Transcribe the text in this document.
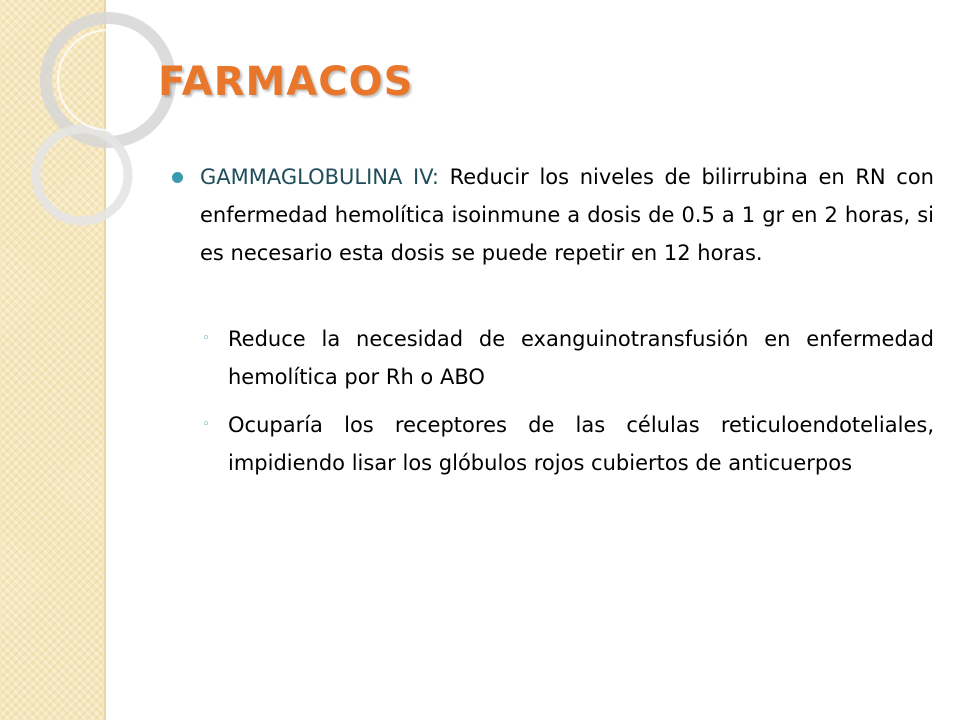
FARMACOS
GAMMAGLOBULINA IV: Reducir los niveles de bilirrubina en RN con enfermedad hemolítica isoinmune a dosis de 0.5 a 1 gr en 2 horas, si es necesario esta dosis se puede repetir en 12 horas.
◦ Reduce la necesidad de exanguinotransfusión en enfermedad hemolítica por Rh o ABO
◦ Ocuparía los receptores de las células reticuloendoteliales, impidiendo lisar los glóbulos rojos cubiertos de anticuerpos
